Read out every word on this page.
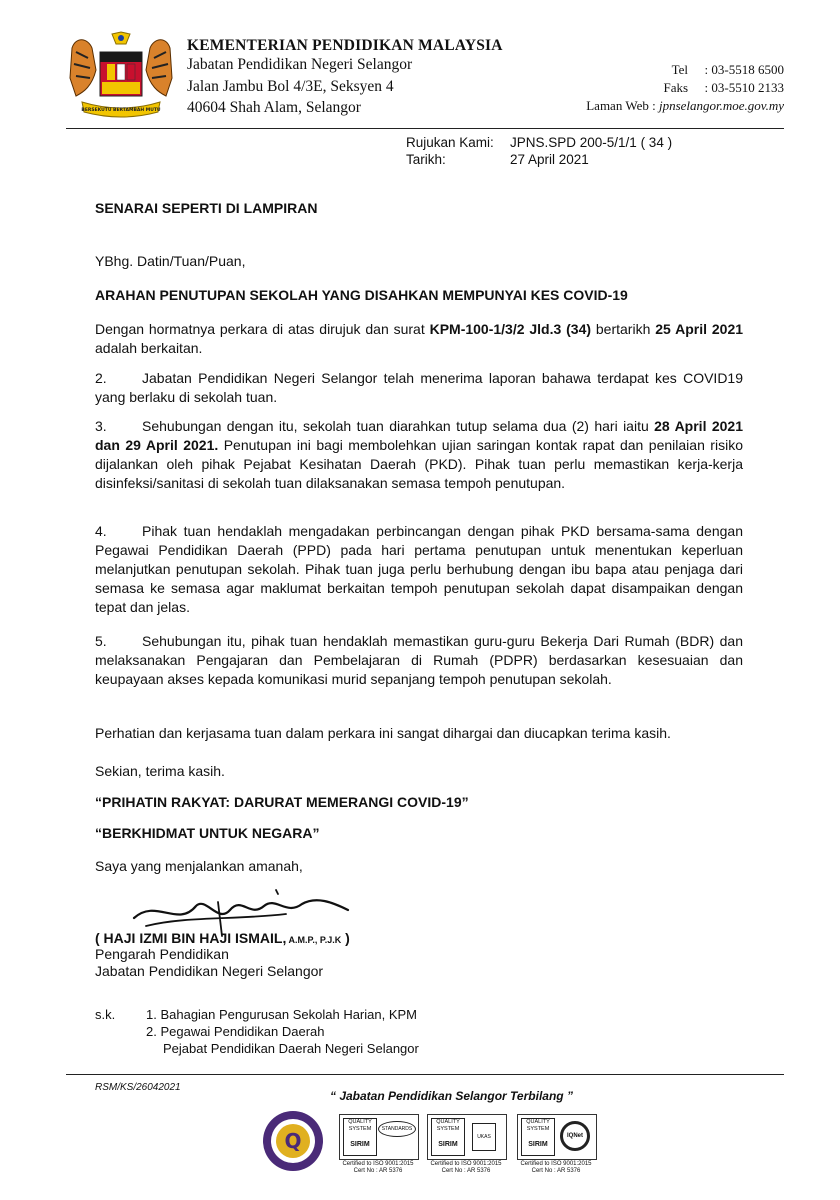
BERSEKUTU BERTAMBAH MUTU
KEMENTERIAN PENDIDIKAN MALAYSIA
Jabatan Pendidikan Negeri Selangor
Jalan Jambu Bol 4/3E, Seksyen 4
40604 Shah Alam, Selangor
Tel : 03-5518 6500
Faks : 03-5510 2133
Laman Web : jpnselangor.moe.gov.my
Rujukan Kami: JPNS.SPD 200-5/1/1 ( 34 )
Tarikh:	27 April 2021
SENARAI SEPERTI DI LAMPIRAN
YBhg. Datin/Tuan/Puan,
ARAHAN PENUTUPAN SEKOLAH YANG DISAHKAN MEMPUNYAI KES COVID-19
Dengan hormatnya perkara di atas dirujuk dan surat KPM-100-1/3/2 Jld.3 (34) bertarikh 25 April 2021 adalah berkaitan.
2.	Jabatan Pendidikan Negeri Selangor telah menerima laporan bahawa terdapat kes COVID19 yang berlaku di sekolah tuan.
3.	Sehubungan dengan itu, sekolah tuan diarahkan tutup selama dua (2) hari iaitu 28 April 2021 dan 29 April 2021. Penutupan ini bagi membolehkan ujian saringan kontak rapat dan penilaian risiko dijalankan oleh pihak Pejabat Kesihatan Daerah (PKD). Pihak tuan perlu memastikan kerja-kerja disinfeksi/sanitasi di sekolah tuan dilaksanakan semasa tempoh penutupan.
4.	Pihak tuan hendaklah mengadakan perbincangan dengan pihak PKD bersama-sama dengan Pegawai Pendidikan Daerah (PPD) pada hari pertama penutupan untuk menentukan keperluan melanjutkan penutupan sekolah. Pihak tuan juga perlu berhubung dengan ibu bapa atau penjaga dari semasa ke semasa agar maklumat berkaitan tempoh penutupan sekolah dapat disampaikan dengan tepat dan jelas.
5.	Sehubungan itu, pihak tuan hendaklah memastikan guru-guru Bekerja Dari Rumah (BDR) dan melaksanakan Pengajaran dan Pembelajaran di Rumah (PDPR) berdasarkan kesesuaian dan keupayaan akses kepada komunikasi murid sepanjang tempoh penutupan sekolah.
Perhatian dan kerjasama tuan dalam perkara ini sangat dihargai dan diucapkan terima kasih.
Sekian, terima kasih.
“PRIHATIN RAKYAT: DARURAT MEMERANGI COVID-19”
“BERKHIDMAT UNTUK NEGARA”
Saya yang menjalankan amanah,
( HAJI IZMI BIN HAJI ISMAIL, A.M.P., P.J.K )
Pengarah Pendidikan
Jabatan Pendidikan Negeri Selangor
s.k. 1. Bahagian Pengurusan Sekolah Harian, KPM
2. Pegawai Pendidikan Daerah
Pejabat Pendidikan Daerah Negeri Selangor
RSM/KS/26042021
“ Jabatan Pendidikan Selangor Terbilang ”
Q
QUALITY SYSTEM
SIRIM
STANDARDS
Certified to ISO 9001:2015
Cert No : AR 5376
QUALITY SYSTEM
SIRIM
UKAS
Certified to ISO 9001:2015
Cert No : AR 5376
QUALITY SYSTEM
SIRIM
IQNet
Certified to ISO 9001:2015
Cert No : AR 5376
